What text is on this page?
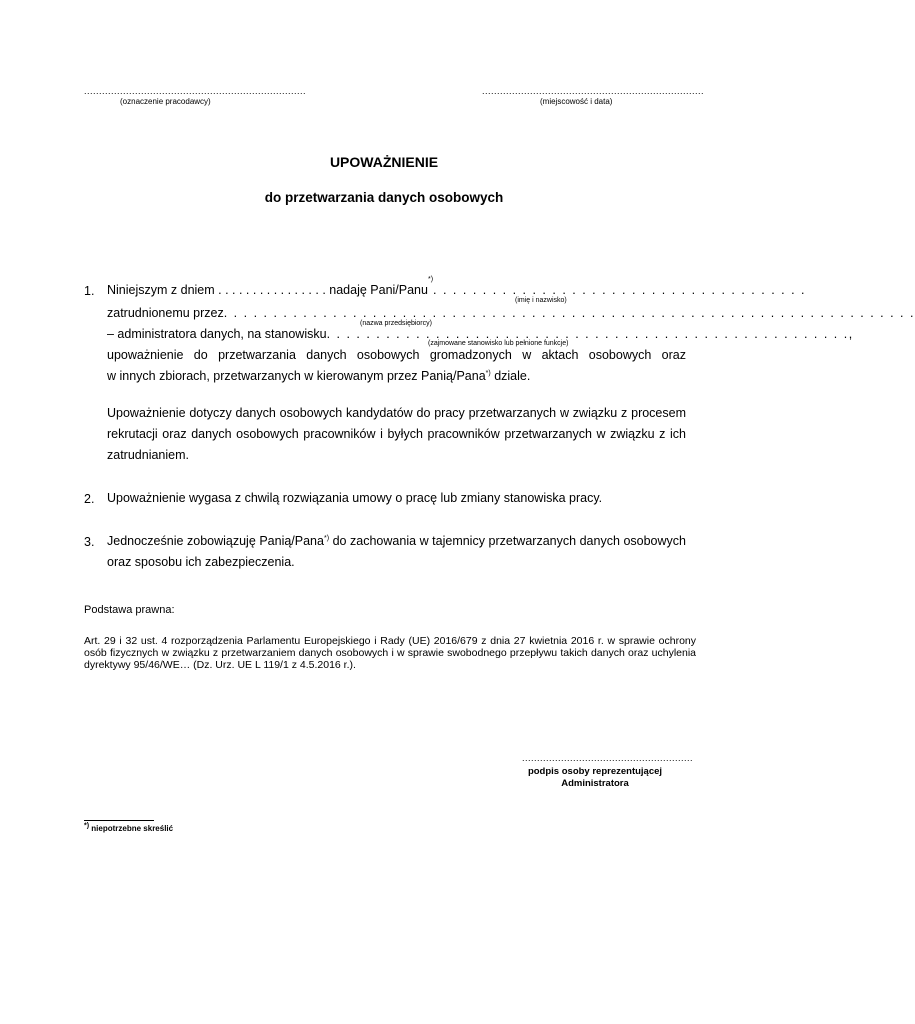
..........................................................................
(oznaczenie pracodawcy)
..........................................................................
(miejscowość i data)
UPOWAŻNIENIE
do przetwarzania danych osobowych
1. Niniejszym z dniem . . . . . . . . . . . . . . . . nadaję Pani/Panu
*)
. . . . . . . . . . . . . . . . . . . . . . . . . . . . . . . . . . . . . .
(imię i nazwisko)
zatrudnionemu przez . . . . . . . . . . . . . . . . . . . . . . . . . . . . . . . . . . . . . . . . . . . . . . . . . . . . . . . . . . . . . . . . . . . . . .
(nazwa przedsiębiorcy)
– administratora danych, na stanowisku . . . . . . . . . . . . . . . . . . . . . . . . . . . . . . . . . . . . . . . . . . . . . . . . . . . . . ,
(zajmowane stanowisko lub pełnione funkcje)
upoważnienie do przetwarzania danych osobowych gromadzonych w aktach osobowych oraz
w innych zbiorach, przetwarzanych w kierowanym przez Panią/Pana*) dziale.
Upoważnienie dotyczy danych osobowych kandydatów do pracy przetwarzanych w związku z procesem rekrutacji oraz danych osobowych pracowników i byłych pracowników przetwarzanych w związku z ich zatrudnianiem.
2. Upoważnienie wygasa z chwilą rozwiązania umowy o pracę lub zmiany stanowiska pracy.
3. Jednocześnie zobowiązuję Panią/Pana*) do zachowania w tajemnicy przetwarzanych danych osobowych oraz sposobu ich zabezpieczenia.
Podstawa prawna:
Art. 29 i 32 ust. 4 rozporządzenia Parlamentu Europejskiego i Rady (UE) 2016/679 z dnia 27 kwietnia 2016 r. w sprawie ochrony osób fizycznych w związku z przetwarzaniem danych osobowych i w sprawie swobodnego przepływu takich danych oraz uchylenia dyrektywy 95/46/WE… (Dz. Urz. UE L 119/1 z 4.5.2016 r.).
.........................................................
podpis osoby reprezentującej
Administratora
*) niepotrzebne skreślić
